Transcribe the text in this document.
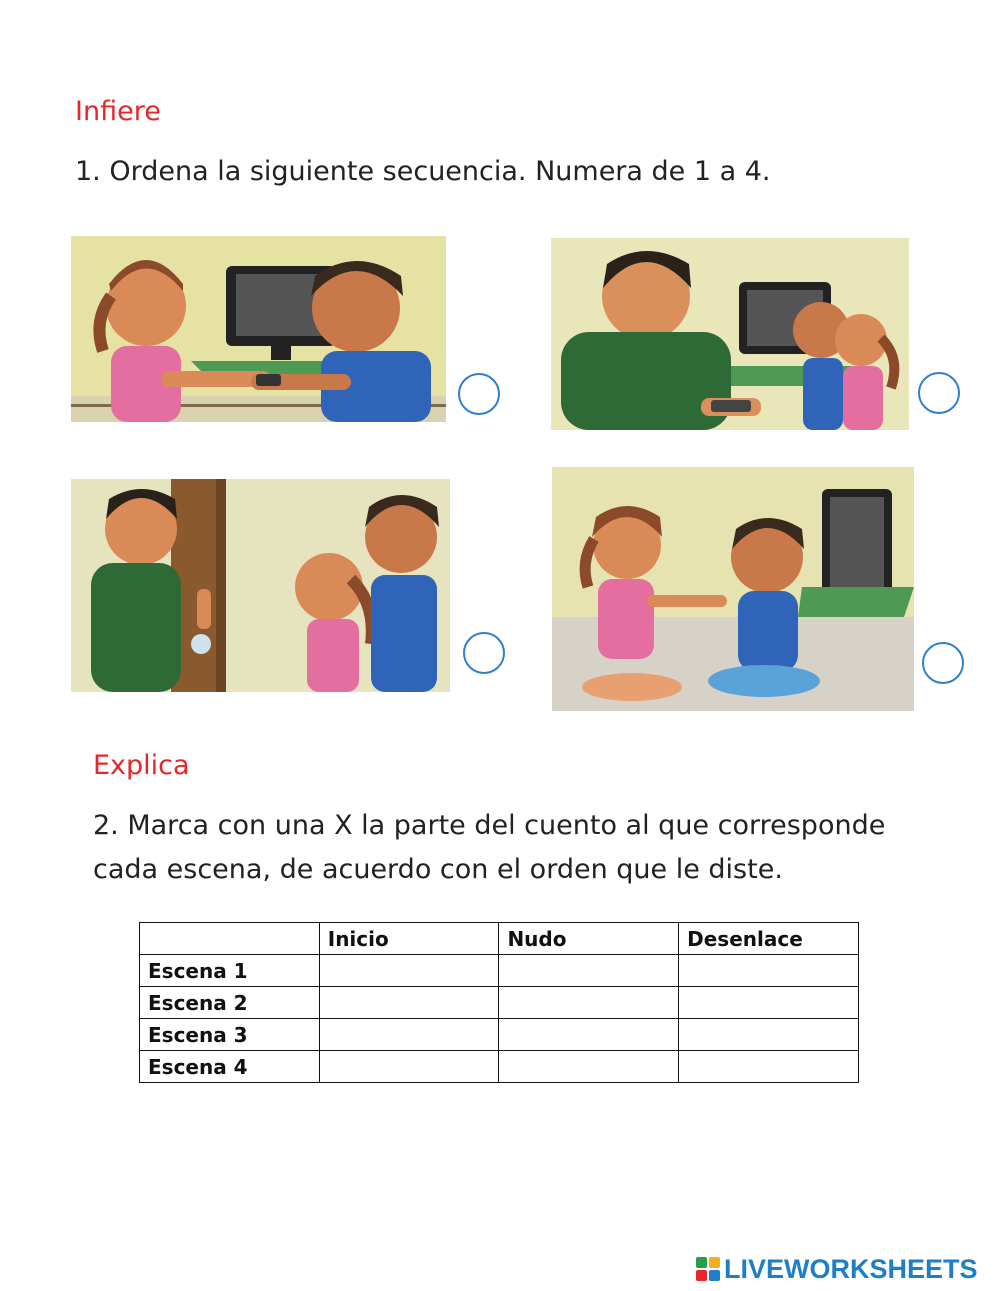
Infiere
1. Ordena la siguiente secuencia. Numera de 1 a 4.
Explica
2. Marca con una X la parte del cuento al que corresponde
cada escena, de acuerdo con el orden que le diste.
	Inicio	Nudo	Desenlace
Escena 1			
Escena 2			
Escena 3			
Escena 4			
LIVEWORKSHEETS
